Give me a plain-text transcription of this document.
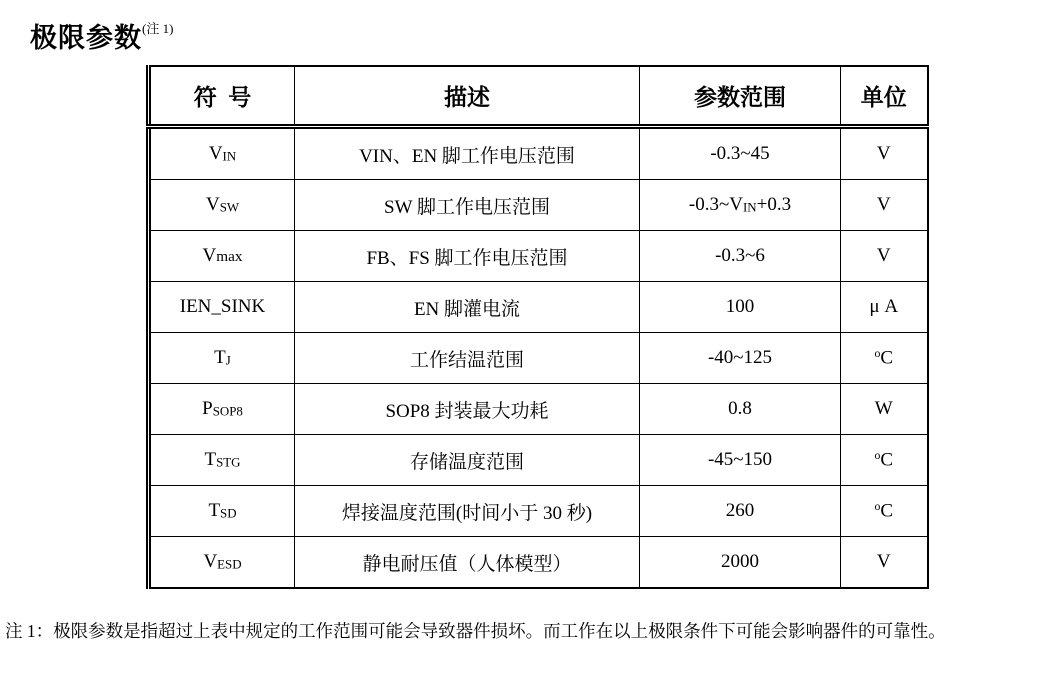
极限参数$^{(注 1)}$
符  号	描述	参数范围	单位
VIN	VIN、EN 脚工作电压范围	-0.3~45	V
VSW	SW 脚工作电压范围	-0.3~VIN+0.3	V
Vmax	FB、FS 脚工作电压范围	-0.3~6	V
IEN_SINK	EN 脚灌电流	100	μ A
TJ	工作结温范围	-40~125	$^o$C
PSOP8	SOP8 封装最大功耗	0.8	W
TSTG	存储温度范围	-45~150	$^o$C
TSD	焊接温度范围(时间小于 30 秒)	260	$^o$C
VESD	静电耐压值（人体模型）	2000	V
注 1：极限参数是指超过上表中规定的工作范围可能会导致器件损坏。而工作在以上极限条件下可能会影响器件的可靠性。
